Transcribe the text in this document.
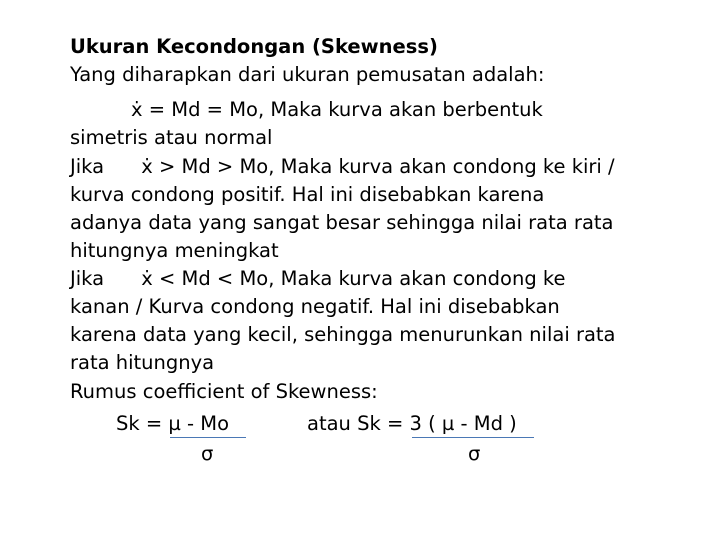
Ukuran Kecondongan (Skewness)
Yang diharapkan dari ukuran pemusatan adalah:
ẋ = Md = Mo, Maka kurva akan berbentuk
simetris atau normal
Jika      ẋ > Md > Mo, Maka kurva akan condong ke kiri /
kurva condong positif. Hal ini disebabkan karena
adanya data yang sangat besar sehingga nilai rata rata
hitungnya meningkat
Jika      ẋ < Md < Mo, Maka kurva akan condong ke
kanan / Kurva condong negatif. Hal ini disebabkan
karena data yang kecil, sehingga menurunkan nilai rata
rata hitungnya
Rumus coefficient of Skewness:
Sk = µ - Mo
σ
atau Sk = 3 ( µ - Md )
σ
